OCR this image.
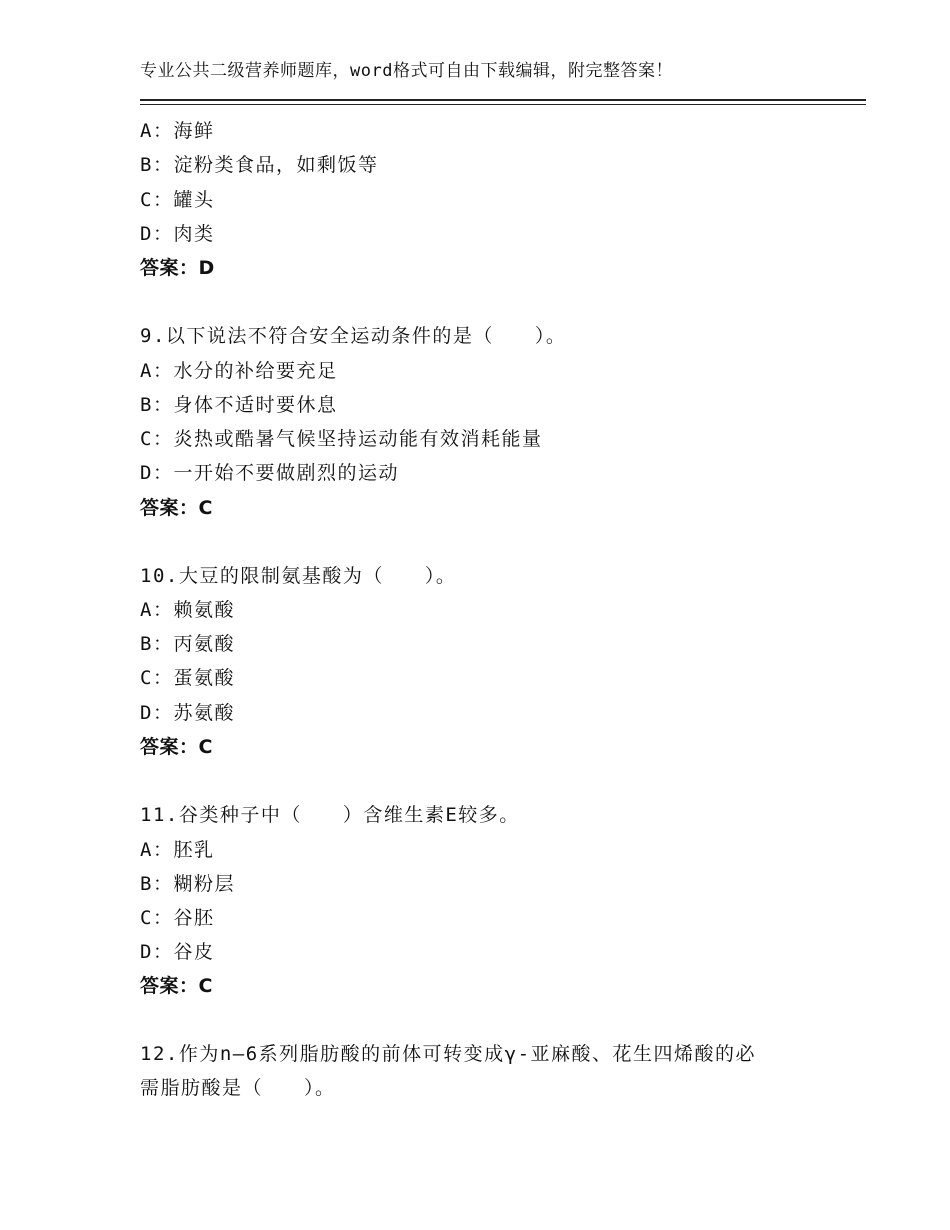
专业公共二级营养师题库，word格式可自由下载编辑，附完整答案！
A：海鲜
B：淀粉类食品，如剩饭等
C：罐头
D：肉类
答案：D
9.以下说法不符合安全运动条件的是（　　）。
A：水分的补给要充足
B：身体不适时要休息
C：炎热或酷暑气候坚持运动能有效消耗能量
D：一开始不要做剧烈的运动
答案：C
10.大豆的限制氨基酸为（　　）。
A：赖氨酸
B：丙氨酸
C：蛋氨酸
D：苏氨酸
答案：C
11.谷类种子中（　　）含维生素E较多。
A：胚乳
B：糊粉层
C：谷胚
D：谷皮
答案：C
12.作为n—6系列脂肪酸的前体可转变成γ-亚麻酸、花生四烯酸的必
需脂肪酸是（　　）。
